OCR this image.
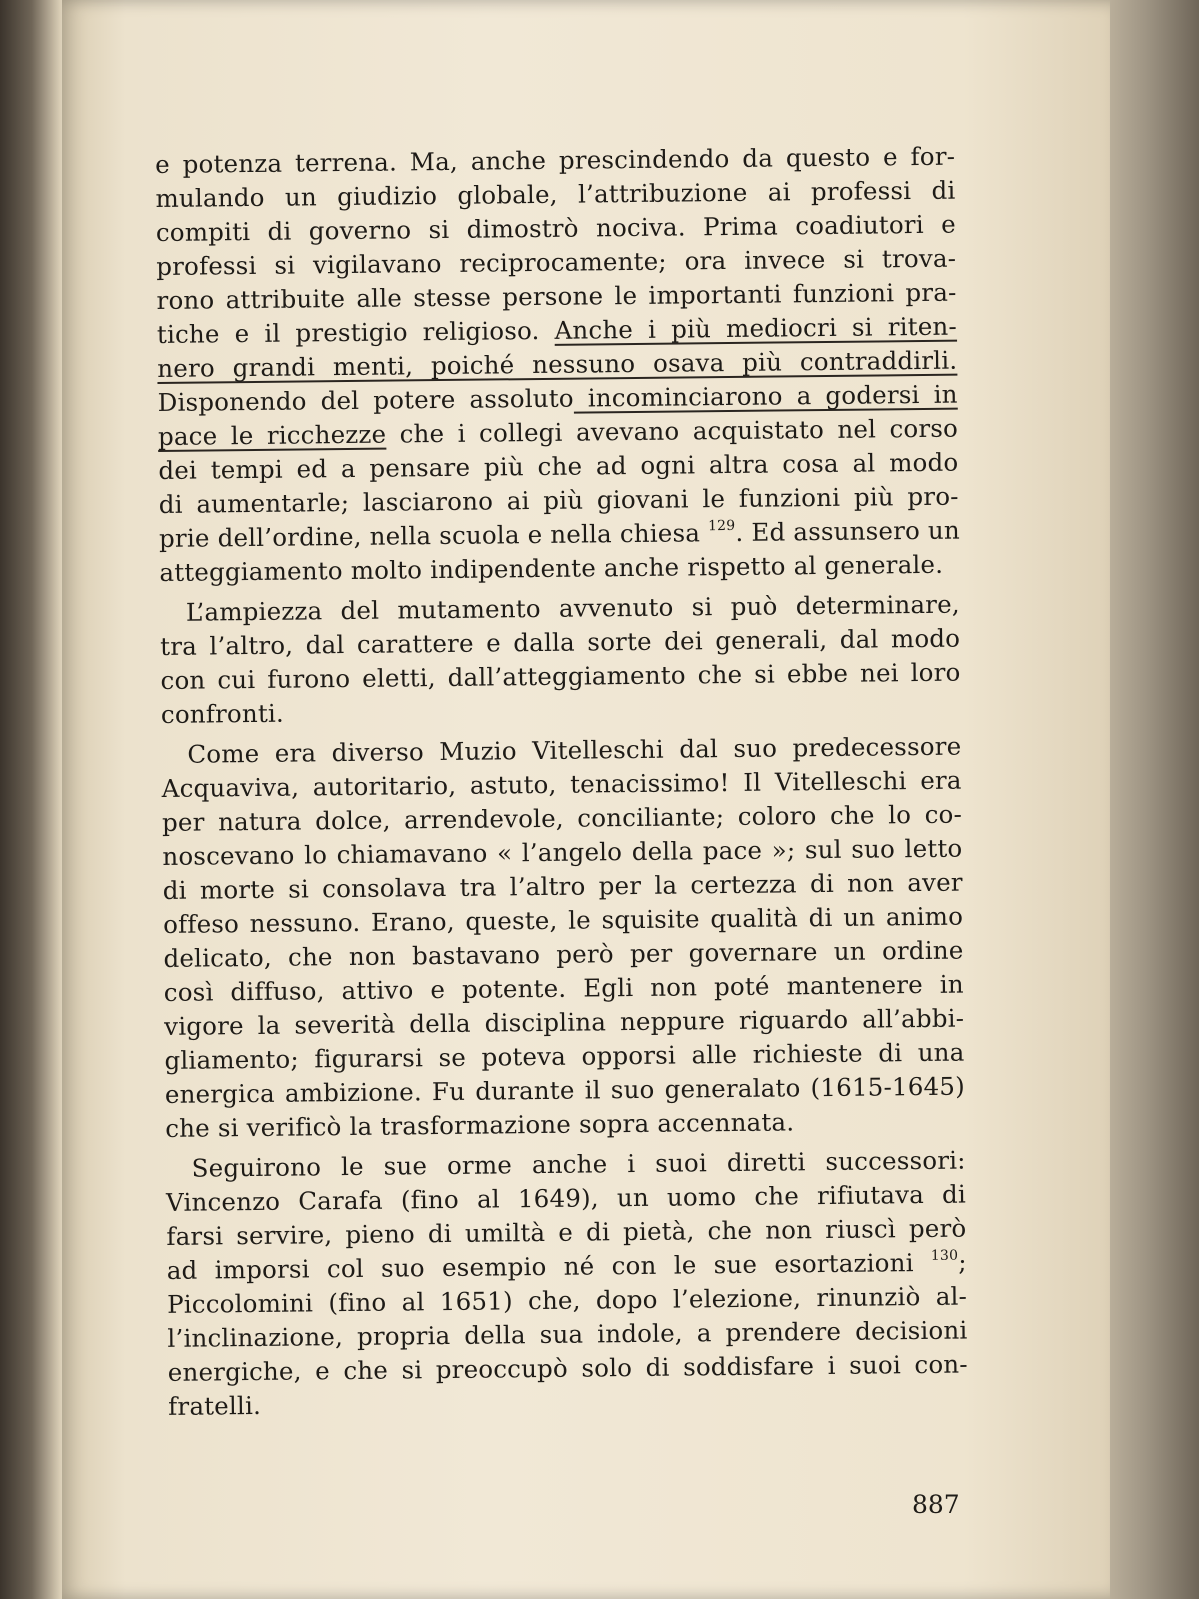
e potenza terrena. Ma, anche prescindendo da questo e for-
mulando un giudizio globale, l’attribuzione ai professi di
compiti di governo si dimostrò nociva. Prima coadiutori e
professi si vigilavano reciprocamente; ora invece si trova-
rono attribuite alle stesse persone le importanti funzioni pra-
tiche e il prestigio religioso. Anche i più mediocri si riten-
nero grandi menti, poiché nessuno osava più contraddirli.
Disponendo del potere assoluto incominciarono a godersi in
pace le ricchezze che i collegi avevano acquistato nel corso
dei tempi ed a pensare più che ad ogni altra cosa al modo
di aumentarle; lasciarono ai più giovani le funzioni più pro-
prie dell’ordine, nella scuola e nella chiesa $^{129}$. Ed assunsero un
atteggiamento molto indipendente anche rispetto al generale.
L’ampiezza del mutamento avvenuto si può determinare,
tra l’altro, dal carattere e dalla sorte dei generali, dal modo
con cui furono eletti, dall’atteggiamento che si ebbe nei loro
confronti.
Come era diverso Muzio Vitelleschi dal suo predecessore
Acquaviva, autoritario, astuto, tenacissimo! Il Vitelleschi era
per natura dolce, arrendevole, conciliante; coloro che lo co-
noscevano lo chiamavano « l’angelo della pace »; sul suo letto
di morte si consolava tra l’altro per la certezza di non aver
offeso nessuno. Erano, queste, le squisite qualità di un animo
delicato, che non bastavano però per governare un ordine
così diffuso, attivo e potente. Egli non poté mantenere in
vigore la severità della disciplina neppure riguardo all’abbi-
gliamento; figurarsi se poteva opporsi alle richieste di una
energica ambizione. Fu durante il suo generalato (1615-1645)
che si verificò la trasformazione sopra accennata.
Seguirono le sue orme anche i suoi diretti successori:
Vincenzo Carafa (fino al 1649), un uomo che rifiutava di
farsi servire, pieno di umiltà e di pietà, che non riuscì però
ad imporsi col suo esempio né con le sue esortazioni $^{130}$;
Piccolomini (fino al 1651) che, dopo l’elezione, rinunziò al-
l’inclinazione, propria della sua indole, a prendere decisioni
energiche, e che si preoccupò solo di soddisfare i suoi con-
fratelli.
887
